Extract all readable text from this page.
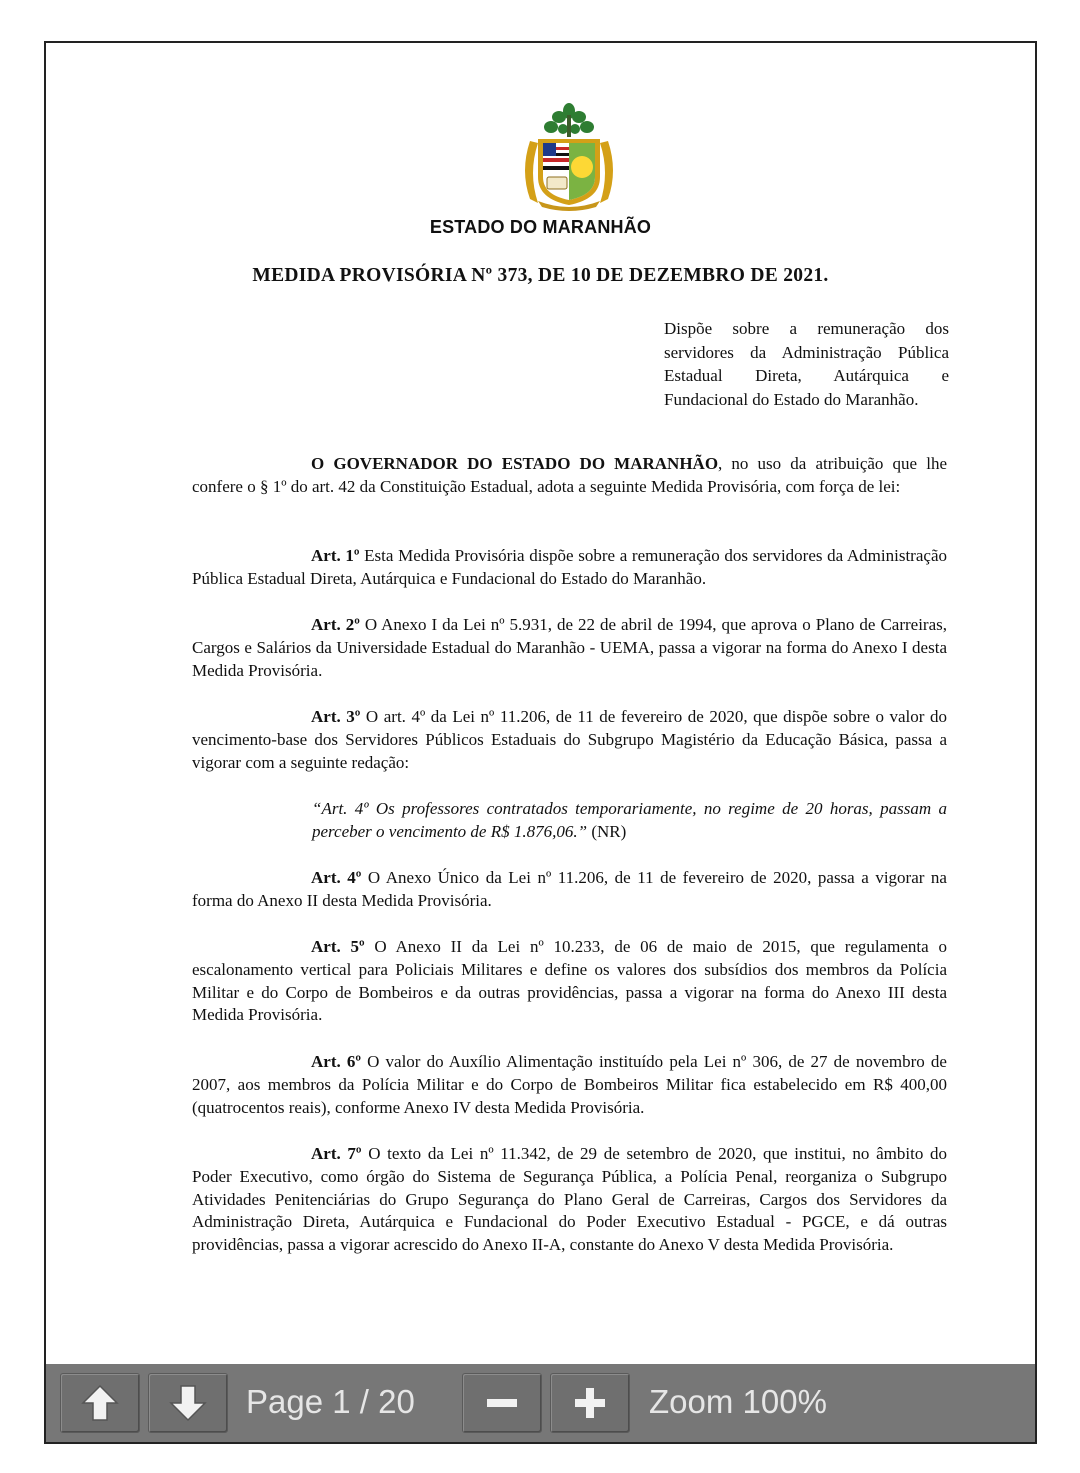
ESTADO DO MARANHÃO
MEDIDA PROVISÓRIA Nº 373, DE 10 DE DEZEMBRO DE 2021.
Dispõe sobre a remuneração dos servidores da Administração Pública Estadual Direta, Autárquica e Fundacional do Estado do Maranhão.

O GOVERNADOR DO ESTADO DO MARANHÃO, no uso da atribuição que lhe confere o § 1º do art. 42 da Constituição Estadual, adota a seguinte Medida Provisória, com força de lei:

Art. 1º Esta Medida Provisória dispõe sobre a remuneração dos servidores da Administração Pública Estadual Direta, Autárquica e Fundacional do Estado do Maranhão.

Art. 2º O Anexo I da Lei nº 5.931, de 22 de abril de 1994, que aprova o Plano de Carreiras, Cargos e Salários da Universidade Estadual do Maranhão - UEMA, passa a vigorar na forma do Anexo I desta Medida Provisória.

Art. 3º O art. 4º da Lei nº 11.206, de 11 de fevereiro de 2020, que dispõe sobre o valor do vencimento-base dos Servidores Públicos Estaduais do Subgrupo Magistério da Educação Básica, passa a vigorar com a seguinte redação:

“Art. 4º Os professores contratados temporariamente, no regime de 20 horas, passam a perceber o vencimento de R$ 1.876,06.” (NR)

Art. 4º O Anexo Único da Lei nº 11.206, de 11 de fevereiro de 2020, passa a vigorar na forma do Anexo II desta Medida Provisória.

Art. 5º O Anexo II da Lei nº 10.233, de 06 de maio de 2015, que regulamenta o escalonamento vertical para Policiais Militares e define os valores dos subsídios dos membros da Polícia Militar e do Corpo de Bombeiros e da outras providências, passa a vigorar na forma do Anexo III desta Medida Provisória.

Art. 6º O valor do Auxílio Alimentação instituído pela Lei nº 306, de 27 de novembro de 2007, aos membros da Polícia Militar e do Corpo de Bombeiros Militar fica estabelecido em R$ 400,00 (quatrocentos reais), conforme Anexo IV desta Medida Provisória.

Art. 7º O texto da Lei nº 11.342, de 29 de setembro de 2020, que institui, no âmbito do Poder Executivo, como órgão do Sistema de Segurança Pública, a Polícia Penal, reorganiza o Subgrupo Atividades Penitenciárias do Grupo Segurança do Plano Geral de Carreiras, Cargos dos Servidores da Administração Direta, Autárquica e Fundacional do Poder Executivo Estadual - PGCE, e dá outras providências, passa a vigorar acrescido do Anexo II-A, constante do Anexo V desta Medida Provisória.

Page 1 / 20	Zoom 100%
